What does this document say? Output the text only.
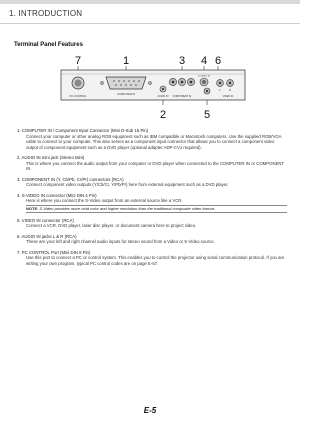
1. INTRODUCTION
Terminal Panel Features
7	1	3 4 6
2	5
PC CONTROL
COMPUTER IN
AUDIO IN COMPONENT IN
S-VIDEO IN
L	R
VIDEO IN
1. COMPUTER IN / Component Input Connector (Mini D-Sub 15 Pin)
Connect your computer or other analog RGB equipment such as IBM compatible or Macintosh computers. Use the supplied RGB/VGA cable to connect to your computer. This also serves as a component input connector that allows you to connect a component video output of component equipment such as a DVD player (optional adapter ADP-CV1 required).
2. AUDIO IN mini jack (Stereo Mini)
This is where you connect the audio output from your computer or DVD player when connected to the COMPUTER IN or COMPONENT IN.
3. COMPONENT IN (Y, Cb/Pb, Cr/Pr) connectors (RCA)
Connect component video outputs (Y/Cb/Cr, Y/Pb/Pr) here from external equipment such as a DVD player.
4. S-VIDEO IN connector (Mini DIN 4 Pin)
Here is where you connect the S-Video output from an external source like a VCR.
NOTE: S-Video provides more vivid color and higher resolution than the traditional composite video format.
5. VIDEO IN connector (RCA)
Connect a VCR, DVD player, laser disc player, or document camera here to project video.
6. AUDIO IN jacks L & R (RCA)
These are your left and right channel audio inputs for stereo sound from a Video or S-Video source.
7. PC CONTROL Port (Mini DIN 8 Pin)
Use this port to connect a PC or control system. This enables you to control the projector using serial communication protocol. If you are writing your own program, typical PC control codes are on page E-57.
E-5
